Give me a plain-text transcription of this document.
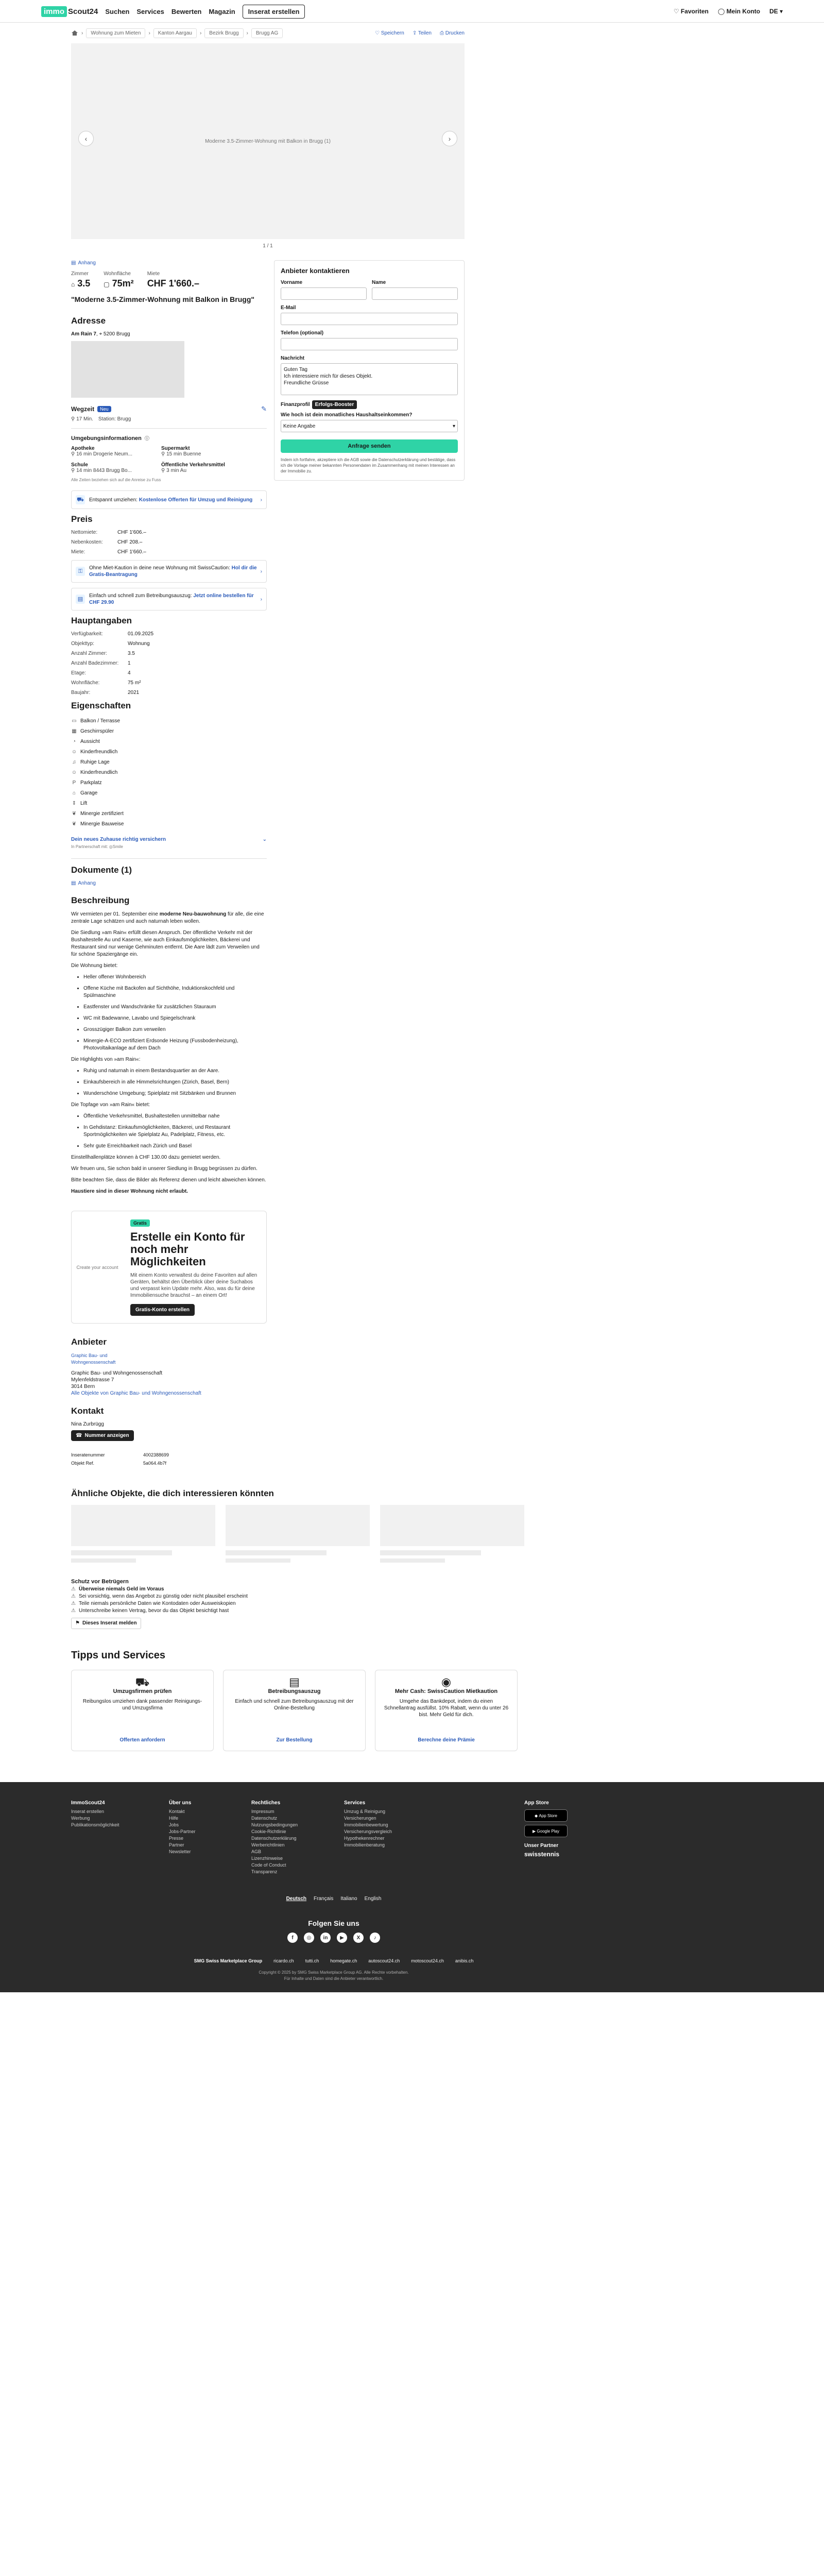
immo Scout24 Suchen Services Bewerten Magazin	Inserat erstellen	♡ Favoriten ◯ Mein Konto DE ▾
›	Wohnung zum Mieten	›	Kanton Aargau	›	Bezirk Brugg	›	Brugg AG	♡ Speichern ⇪ Teilen ⎙ Drucken
Moderne 3.5-Zimmer-Wohnung mit Balkon in Brugg (1)
‹	›
1 / 1
▤ Anhang
Zimmer
⌂ 3.5
Wohnfläche
▢ 75m²
Miete
CHF 1'660.–
"Moderne 3.5-Zimmer-Wohnung mit Balkon in Brugg"
Adresse
Am Rain 7, ⌖ 5200 Brugg
Wegzeit	Neu	✎
⚲ 17 Min. Station: Brugg
Umgebungsinformationen ⓘ
Apotheke
⚲ 16 min Drogerie Neum...
Supermarkt
⚲ 15 min Buenne
Schule
⚲ 14 min 8443 Brugg Bo...
Öffentliche Verkehrsmittel
⚲ 3 min Au
Alle Zeiten beziehen sich auf die Anreise zu Fuss
⛟ Entspannt umziehen: Kostenlose Offerten für Umzug und Reinigung ›
Preis
Nettomiete:	CHF 1'606.–
Nebenkosten:	CHF 208.–
Miete:	CHF 1'660.–
⚿	Ohne Miet-Kaution in deine neue Wohnung mit SwissCaution: Hol dir die Gratis-Beantragung
›
▤	Einfach und schnell zum Betreibungsauszug: Jetzt online bestellen für CHF 29.90
›
Hauptangaben
Verfügbarkeit:	01.09.2025
Objekttyp:	Wohnung
Anzahl Zimmer:	3.5
Anzahl Badezimmer:	1
Etage:	4
Wohnfläche:	75 m²
Baujahr:	2021
Eigenschaften
▭ Balkon / Terrasse
▦ Geschirrspüler
◔ Aussicht
☺ Kinderfreundlich
♫ Ruhige Lage
☺ Kinderfreundlich
P Parkplatz
⌂ Garage
⇕ Lift
❦ Minergie zertifiziert
❦ Minergie Bauweise
Dein neues Zuhause richtig versichern	⌄
In Partnerschaft mit: ◎Smile
Dokumente (1)
▤ Anhang
Beschreibung

Wir vermieten per 01. September eine moderne Neu-bauwohnung für alle, die eine zentrale Lage schätzen und auch naturnah leben wollen.

Die Siedlung »am Rain« erfüllt diesen Anspruch. Der öffentliche Verkehr mit der Bushaltestelle Au und Kaserne, wie auch Einkaufsmöglichkeiten, Bäckerei und Restaurant sind nur wenige Gehminuten entfernt. Die Aare lädt zum Verweilen und für schöne Spaziergänge ein.

Die Wohnung bietet:

• Heller offener Wohnbereich
• Offene Küche mit Backofen auf Sichthöhe, Induktionskochfeld und Spülmaschine
• Eastfenster und Wandschränke für zusätzlichen Stauraum
• WC mit Badewanne, Lavabo und Spiegelschrank
• Grosszügiger Balkon zum verweilen
• Minergie-A-ECO zertifiziert Erdsonde Heizung (Fussbodenheizung), Photovoltaikanlage auf dem Dach

Die Highlights von »am Rain«:

• Ruhig und naturnah in einem Bestandsquartier an der Aare.
• Einkaufsbereich in alle Himmelsrichtungen (Zürich, Basel, Bern)
• Wunderschöne Umgebung; Spielplatz mit Sitzbänken und Brunnen

Die Topfage von »am Rain« bietet:

• Öffentliche Verkehrsmittel, Bushaltestellen unmittelbar nahe
• In Gehdistanz: Einkaufsmöglichkeiten, Bäckerei, und Restaurant Sportmöglichkeiten wie Spielplatz Au, Padelplatz, Fitness, etc.
• Sehr gute Erreichbarkeit nach Zürich und Basel

Einstellhallenplätze können à CHF 130.00 dazu gemietet werden.

Wir freuen uns, Sie schon bald in unserer Siedlung in Brugg begrüssen zu dürfen.

Bitte beachten Sie, dass die Bilder als Referenz dienen und leicht abweichen können.

Haustiere sind in dieser Wohnung nicht erlaubt.

Create your account
Gratis
Erstelle ein Konto für noch mehr Möglichkeiten

Mit einem Konto verwaltest du deine Favoriten auf allen Geräten, behältst den Überblick über deine Suchabos und verpasst kein Update mehr. Also, was du für deine Immobiliensuche brauchst – an einem Ort!

Gratis-Konto erstellen
Anbieter
Graphic Bau- und Wohngenossenschaft
Graphic Bau- und Wohngenossenschaft
Mylenfeldstrasse 7
3014 Bern
Alle Objekte von Graphic Bau- und Wohngenossenschaft
Kontakt
Nina Zurbrügg
☎ Nummer anzeigen
Inseratenummer	4002388699
Objekt Ref.	5a064.4b7f
Anbieter kontaktieren
Vorname	Name
E-Mail
Telefon (optional)
Nachricht
Guten Tag
Ich interessiere mich für dieses Objekt.
Freundliche Grüsse
Finanzprofil	Erfolgs-Booster
Wie hoch ist dein monatliches Haushaltseinkommen?
Keine Angabe	▾
Anfrage senden
Indem ich fortfahre, akzeptiere ich die AGB sowie die Datenschutzerklärung und bestätige, dass ich die Vorlage meiner bekannten Personendaten im Zusammenhang mit meinen Interessen an der Immobilie zu.
Ähnliche Objekte, die dich interessieren könnten
Schutz vor Betrügern
⚠ Überweise niemals Geld im Voraus
⚠ Sei vorsichtig, wenn das Angebot zu günstig oder nicht plausibel erscheint
⚠ Teile niemals persönliche Daten wie Kontodaten oder Ausweiskopien
⚠ Unterschreibe keinen Vertrag, bevor du das Objekt besichtigt hast
⚑ Dieses Inserat melden
Tipps und Services
⛟
Umzugsfirmen prüfen
Reibungslos umziehen dank passender Reinigungs- und Umzugsfirma
Offerten anfordern
▤
Betreibungsauszug
Einfach und schnell zum Betreibungsauszug mit der Online-Bestellung
Zur Bestellung
◉
Mehr Cash: SwissCaution Mietkaution
Umgehe das Bankdepot, indem du einen Schnellantrag ausfüllst. 10% Rabatt, wenn du unter 26 bist. Mehr Geld für dich.
Berechne deine Prämie
ImmoScout24
Inserat erstellen
Werbung
Publikationsmöglichkeit
Über uns
Kontakt
Hilfe
Jobs
Jobs-Partner
Presse
Partner
Newsletter
Rechtliches
Impressum
Datenschutz
Nutzungsbedingungen
Cookie-Richtlinie
Datenschutzerklärung
Werberichtlinien
AGB
Lizenzhinweise
Code of Conduct
Transparenz
Services
Umzug & Reinigung
Versicherungen
Immobilienbewertung
Versicherungsvergleich
Hypothekenrechner
Immobilienberatung
App Store
◆
App Store
▶
Google Play
Unser Partner
swisstennis
Deutsch Français Italiano English
Folgen Sie uns
f	◎	in	▶	X	♪
SMG Swiss Marketplace Group ricardo.ch tutti.ch homegate.ch autoscout24.ch motoscout24.ch anibis.ch
Copyright © 2025 by SMG Swiss Marketplace Group AG. Alle Rechte vorbehalten.
Für Inhalte und Daten sind die Anbieter verantwortlich.
